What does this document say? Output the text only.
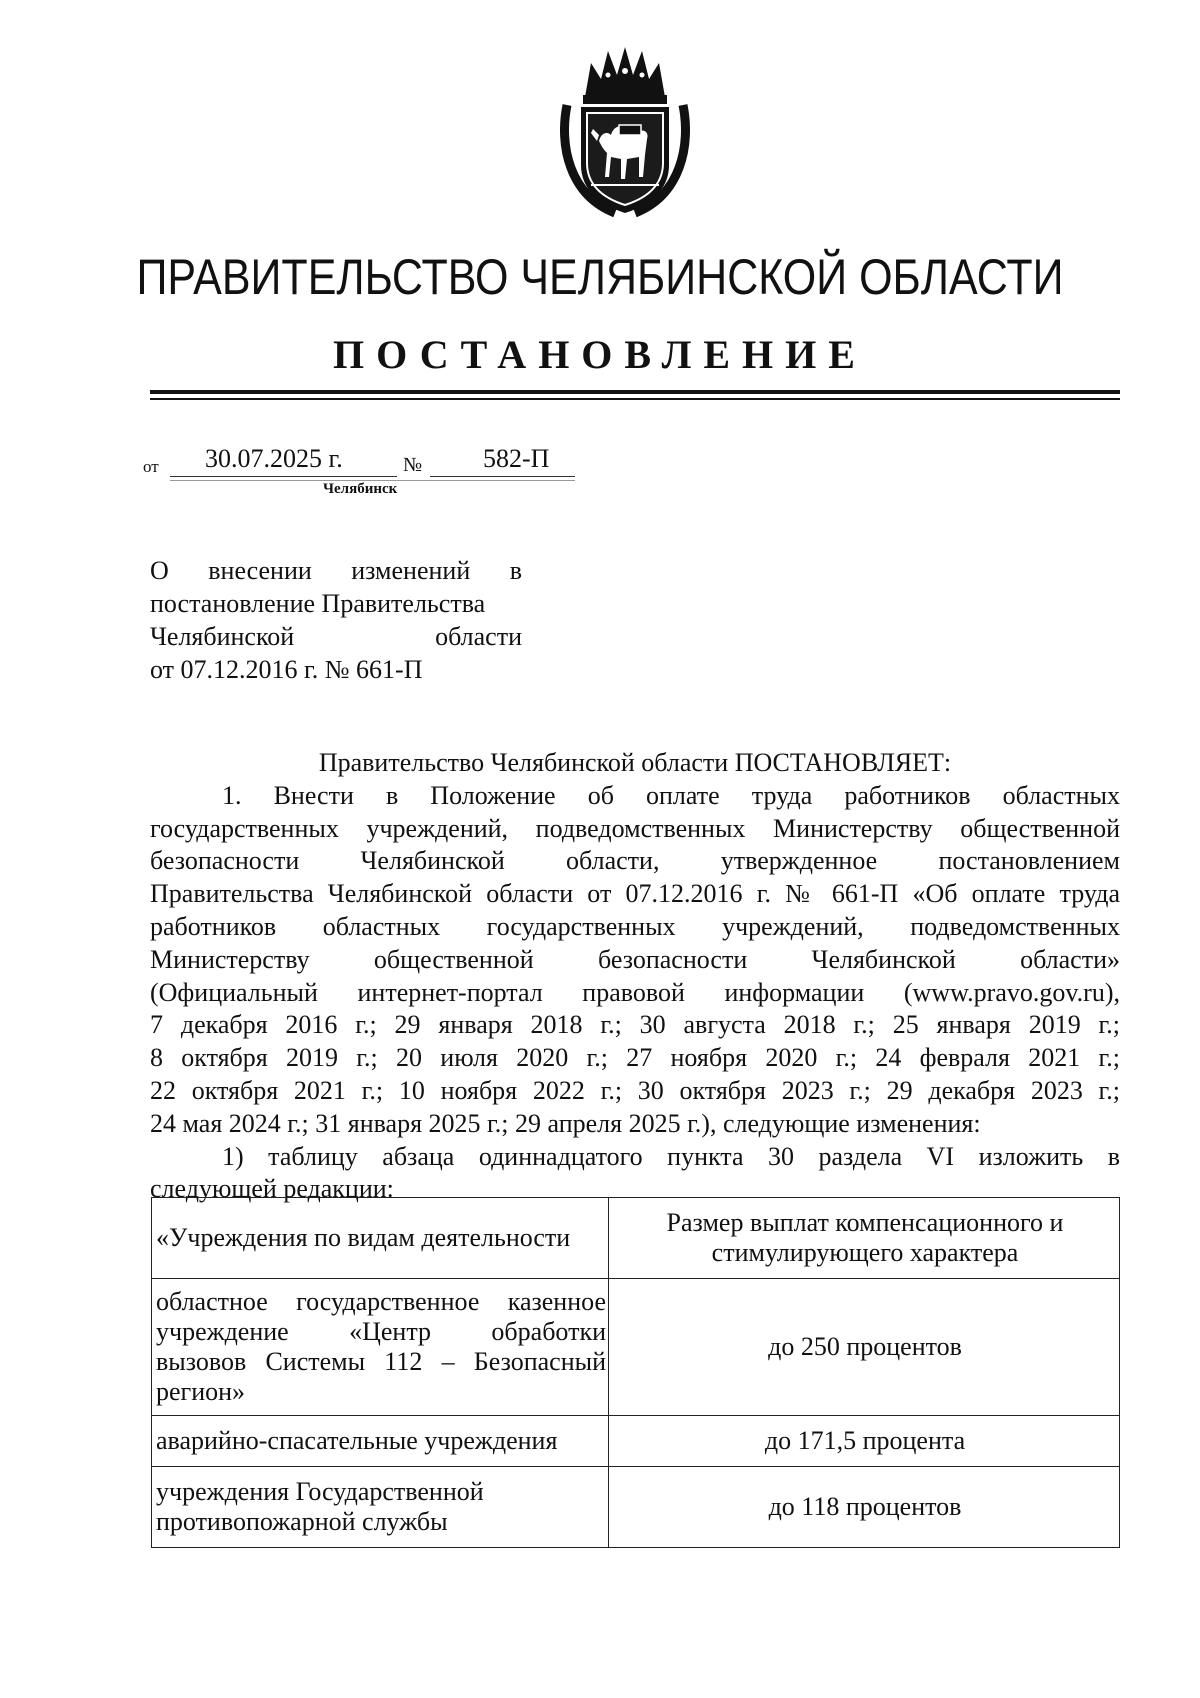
ПРАВИТЕЛЬСТВО ЧЕЛЯБИНСКОЙ ОБЛАСТИ
ПОСТАНОВЛЕНИЕ
от 30.07.2025 г.	№ 582-П
Челябинск
О внесении изменений в
постановление Правительства
Челябинской области
от 07.12.2016 г. № 661-П
Правительство Челябинской области ПОСТАНОВЛЯЕТ:
1. Внести в Положение об оплате труда работников областных
государственных учреждений, подведомственных Министерству общественной
безопасности Челябинской области, утвержденное постановлением
Правительства Челябинской области от 07.12.2016 г. № 661-П «Об оплате труда
работников областных государственных учреждений, подведомственных
Министерству общественной безопасности Челябинской области»
(Официальный интернет-портал правовой информации (www.pravo.gov.ru),
7 декабря 2016 г.; 29 января 2018 г.; 30 августа 2018 г.; 25 января 2019 г.;
8 октября 2019 г.; 20 июля 2020 г.; 27 ноября 2020 г.; 24 февраля 2021 г.;
22 октября 2021 г.; 10 ноября 2022 г.; 30 октября 2023 г.; 29 декабря 2023 г.;
24 мая 2024 г.; 31 января 2025 г.; 29 апреля 2025 г.), следующие изменения:
1) таблицу абзаца одиннадцатого пункта 30 раздела VI изложить в
следующей редакции:
«Учреждения по видам деятельности	Размер выплат компенсационного и
стимулирующего характера

областное государственное казенное
учреждение «Центр обработки
вызовов Системы 112 – Безопасный
регион»	до 250 процентов

аварийно-спасательные учреждения	до 171,5 процента

учреждения Государственной
противопожарной службы	до 118 процентов
